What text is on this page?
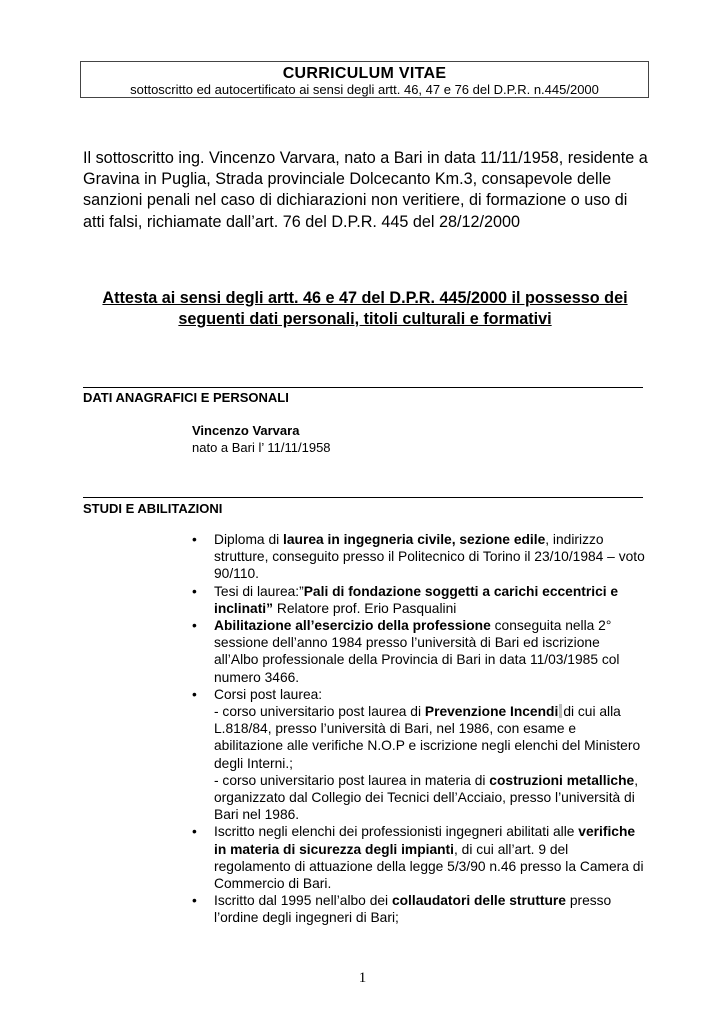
CURRICULUM VITAE
sottoscritto ed autocertificato ai sensi degli artt. 46, 47 e 76 del D.P.R. n.445/2000
Il sottoscritto ing. Vincenzo Varvara, nato a Bari in data 11/11/1958, residente a Gravina in Puglia, Strada provinciale Dolcecanto Km.3, consapevole delle sanzioni penali nel caso di dichiarazioni non veritiere, di formazione o uso di atti falsi, richiamate dall’art. 76 del D.P.R. 445 del 28/12/2000
Attesta ai sensi degli artt. 46 e 47 del D.P.R. 445/2000 il possesso dei
seguenti dati personali, titoli culturali e formativi
DATI ANAGRAFICI E PERSONALI
Vincenzo Varvara
nato a Bari l’ 11/11/1958
STUDI E ABILITAZIONI
• Diploma di laurea in ingegneria civile, sezione edile, indirizzo strutture, conseguito presso il Politecnico di Torino il 23/10/1984 – voto 90/110.
• Tesi di laurea:”Pali di fondazione soggetti a carichi eccentrici e inclinati” Relatore prof. Erio Pasqualini
• Abilitazione all’esercizio della professione conseguita nella 2° sessione dell’anno 1984 presso l’università di Bari ed iscrizione all’Albo professionale della Provincia di Bari in data 11/03/1985 col numero 3466.
• Corsi post laurea:
- corso universitario post laurea di Prevenzione Incendi di cui alla L.818/84, presso l’università di Bari, nel 1986, con esame e abilitazione alle verifiche N.O.P e iscrizione negli elenchi del Ministero degli Interni.;
- corso universitario post laurea in materia di costruzioni metalliche, organizzato dal Collegio dei Tecnici dell’Acciaio, presso l’università di Bari nel 1986.
• Iscritto negli elenchi dei professionisti ingegneri abilitati alle verifiche in materia di sicurezza degli impianti, di cui all’art. 9 del regolamento di attuazione della legge 5/3/90 n.46 presso la Camera di Commercio di Bari.
• Iscritto dal 1995 nell’albo dei collaudatori delle strutture presso l’ordine degli ingegneri di Bari;
1
